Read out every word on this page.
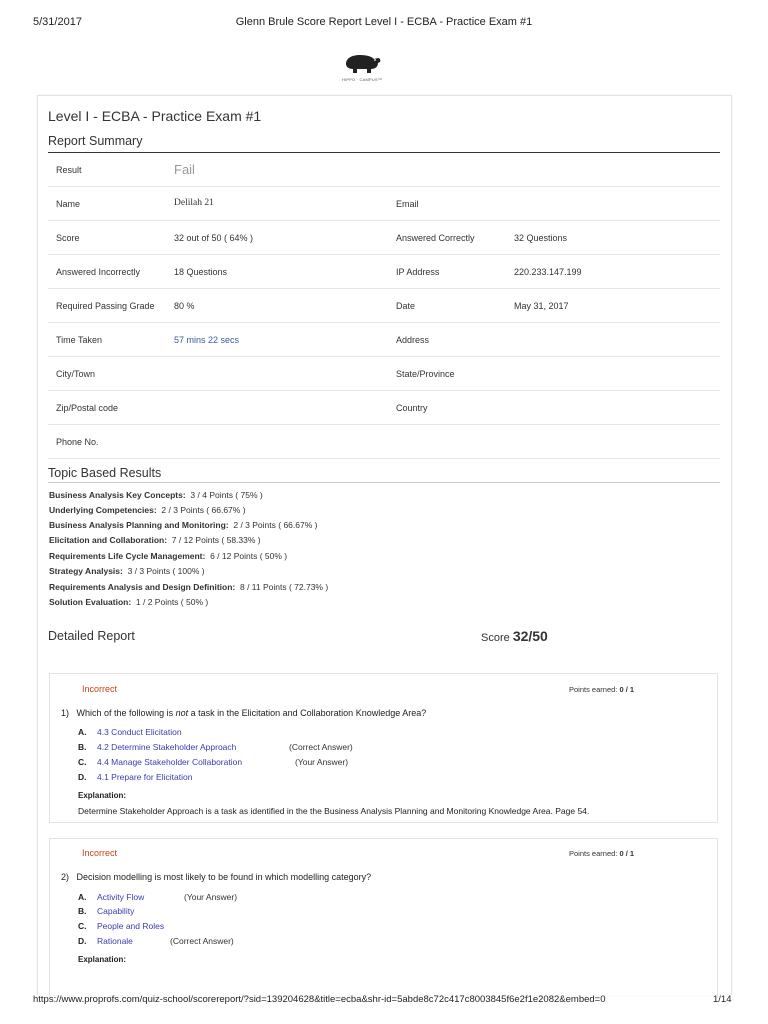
5/31/2017	Glenn Brule Score Report Level I - ECBA - Practice Exam #1
HIPPO · CAMPUS™
Level I - ECBA - Practice Exam #1
Report Summary
Result	Fail
Name	Delilah 21	Email
Score	32 out of 50 ( 64% )	Answered Correctly	32 Questions
Answered Incorrectly	18 Questions	IP Address	220.233.147.199
Required Passing Grade 80 %	Date	May 31, 2017
Time Taken	57 mins 22 secs	Address
City/Town	State/Province
Zip/Postal code	Country
Phone No.
Topic Based Results
Business Analysis Key Concepts: 3 / 4 Points ( 75% )
Underlying Competencies: 2 / 3 Points ( 66.67% )
Business Analysis Planning and Monitoring: 2 / 3 Points ( 66.67% )
Elicitation and Collaboration: 7 / 12 Points ( 58.33% )
Requirements Life Cycle Management: 6 / 12 Points ( 50% )
Strategy Analysis: 3 / 3 Points ( 100% )
Requirements Analysis and Design Definition: 8 / 11 Points ( 72.73% )
Solution Evaluation: 1 / 2 Points ( 50% )
Detailed Report	Score 32/50
Incorrect	Points earned: 0 / 1
1) Which of the following is not a task in the Elicitation and Collaboration Knowledge Area?
A.	4.3 Conduct Elicitation
B.	4.2 Determine Stakeholder Approach	(Correct Answer)
C.	4.4 Manage Stakeholder Collaboration	(Your Answer)
D.	4.1 Prepare for Elicitation
Explanation:
Determine Stakeholder Approach is a task as identified in the the Business Analysis Planning and Monitoring Knowledge Area. Page 54.
Incorrect	Points earned: 0 / 1
2) Decision modelling is most likely to be found in which modelling category?
A.	Activity Flow	(Your Answer)
B.	Capability
C.	People and Roles
D.	Rationale	(Correct Answer)
Explanation:
https://www.proprofs.com/quiz-school/scorereport/?sid=139204628&title=ecba&shr-id=5abde8c72c417c8003845f6e2f1e2082&embed=0	1/14
